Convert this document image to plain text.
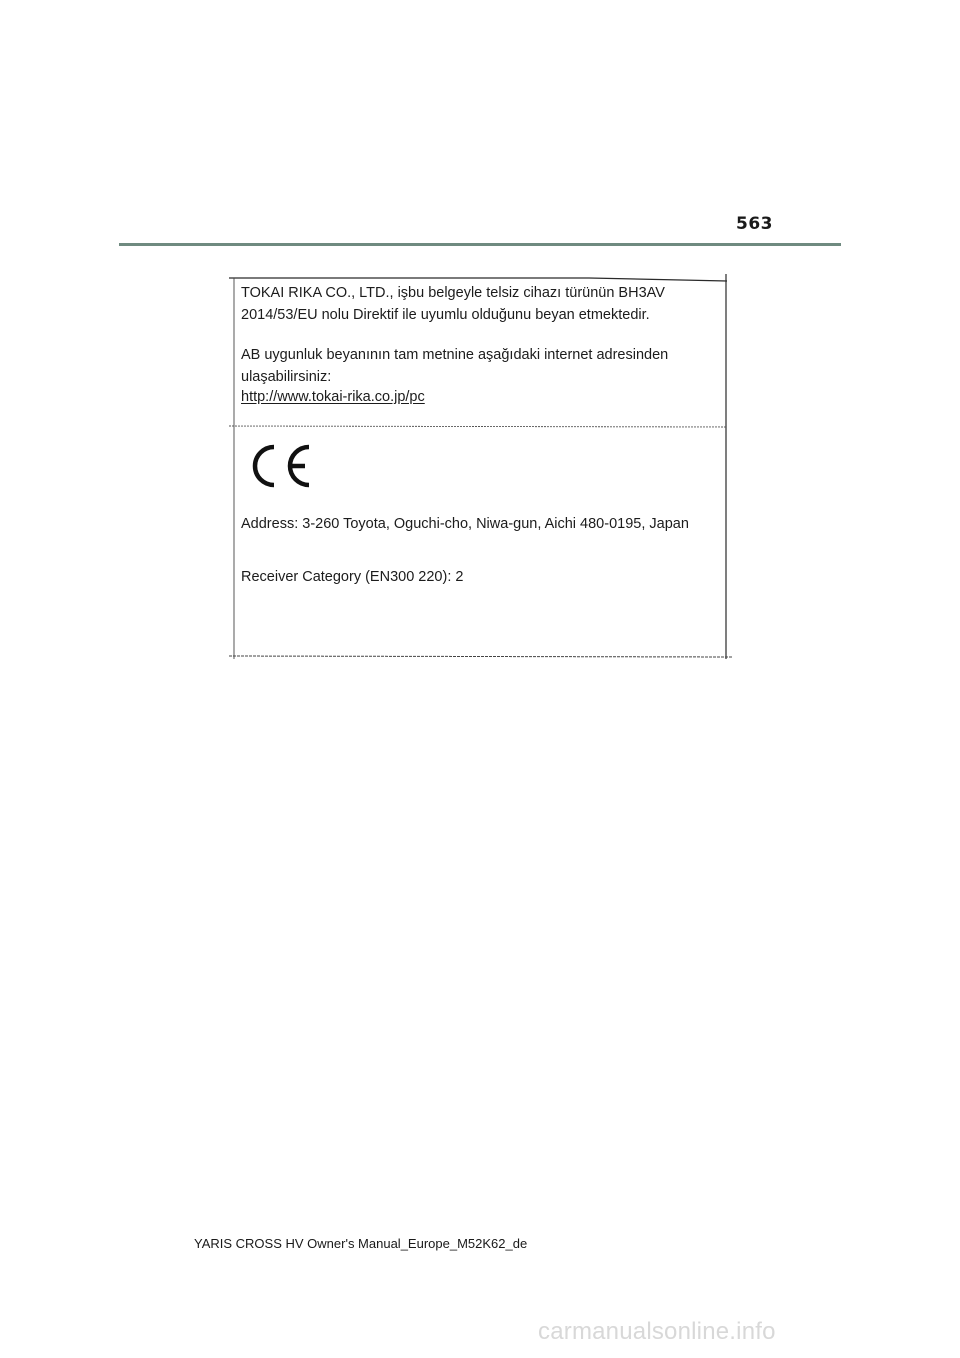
563
TOKAI RIKA CO., LTD., işbu belgeyle telsiz cihazı türünün BH3AV
2014/53/EU nolu Direktif ile uyumlu olduğunu beyan etmektedir.
AB uygunluk beyanının tam metnine aşağıdaki internet adresinden
ulaşabilirsiniz:
http://www.tokai-rika.co.jp/pc
Address: 3-260 Toyota, Oguchi-cho, Niwa-gun, Aichi 480-0195, Japan
Receiver Category (EN300 220): 2
YARIS CROSS HV Owner's Manual_Europe_M52K62_de
carmanualsonline.info
